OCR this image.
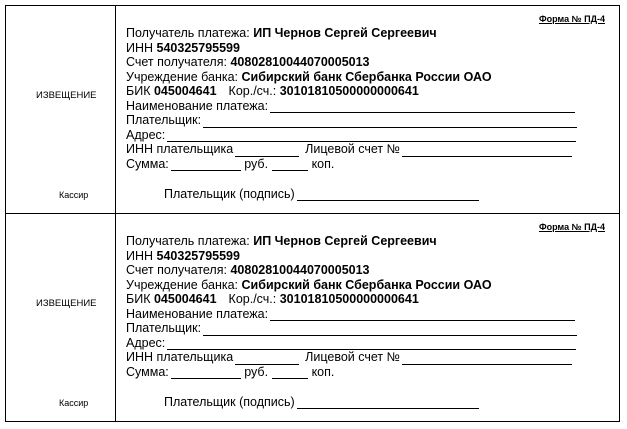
ИЗВЕЩЕНИЕ
Кассир
Форма № ПД-4
Получатель платежа:
ИП Чернов Сергей Сергеевич
ИНН
540325795599
Счет получателя:
40802810044070005013
Учреждение банка:
Сибирский банк Сбербанка России ОАО
БИК
045004641 Кор./сч.:
30101810500000000641
Наименование платежа:
Плательщик:
Адрес:
ИНН плательщика	Лицевой счет №
Сумма:
	руб.
	коп.
Плательщик (подпись)
ИЗВЕЩЕНИЕ
Кассир
Форма № ПД-4
Получатель платежа:
ИП Чернов Сергей Сергеевич
ИНН
540325795599
Счет получателя:
40802810044070005013
Учреждение банка:
Сибирский банк Сбербанка России ОАО
БИК
045004641 Кор./сч.:
30101810500000000641
Наименование платежа:
Плательщик:
Адрес:
ИНН плательщика	Лицевой счет №
Сумма:
	руб.
	коп.
Плательщик (подпись)
